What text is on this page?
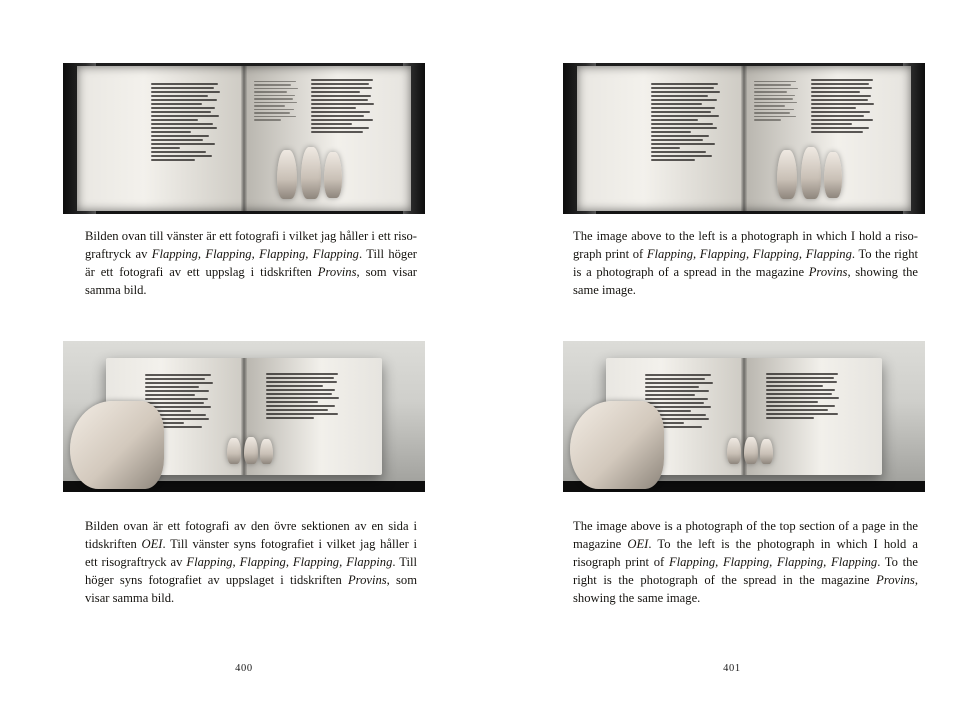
Bilden ovan till vänster är ett fotografi i vilket jag håller i ett risograftryck av Flapping, Flapping, Flapping, Flapping. Till höger är ett fotografi av ett uppslag i tidskriften Provins, som visar samma bild.
Bilden ovan är ett fotografi av den övre sektionen av en sida i tidskriften OEI. Till vänster syns fotografiet i vilket jag håller i ett risograftryck av Flapping, Flapping, Flapping, Flapping. Till höger syns fotografiet av uppslaget i tidskriften Provins, som visar samma bild.
400
The image above to the left is a photograph in which I hold a risograph print of Flapping, Flapping, Flapping, Flapping. To the right is a photograph of a spread in the magazine Provins, showing the same image.
The image above is a photograph of the top section of a page in the magazine OEI. To the left is the photograph in which I hold a risograph print of Flapping, Flapping, Flapping, Flapping. To the right is the photograph of the spread in the magazine Provins, showing the same image.
401
